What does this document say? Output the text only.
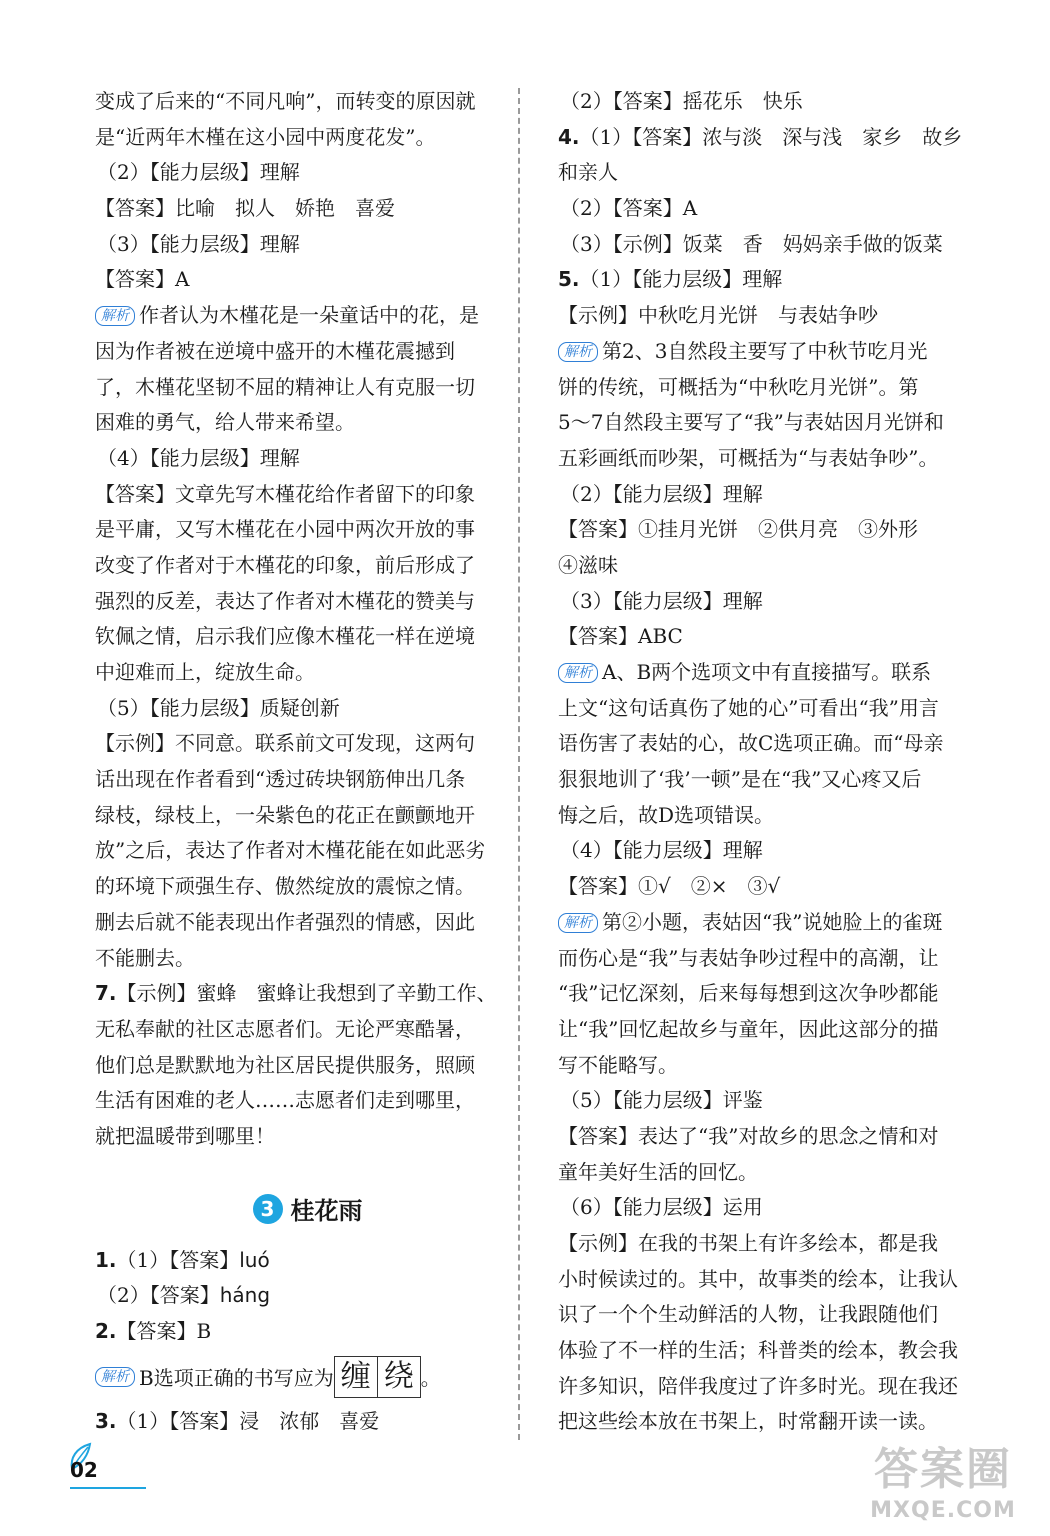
变成了后来的“不同凡响”，而转变的原因就
是“近两年木槿在这小园中两度花发”。
（2）【能力层级】理解
【答案】比喻　拟人　娇艳　喜爱
（3）【能力层级】理解
【答案】A
解析 作者认为木槿花是一朵童话中的花，是
因为作者被在逆境中盛开的木槿花震撼到
了，木槿花坚韧不屈的精神让人有克服一切
困难的勇气，给人带来希望。
（4）【能力层级】理解
【答案】文章先写木槿花给作者留下的印象
是平庸，又写木槿花在小园中两次开放的事
改变了作者对于木槿花的印象，前后形成了
强烈的反差，表达了作者对木槿花的赞美与
钦佩之情，启示我们应像木槿花一样在逆境
中迎难而上，绽放生命。
（5）【能力层级】质疑创新
【示例】不同意。联系前文可发现，这两句
话出现在作者看到“透过砖块钢筋伸出几条
绿枝，绿枝上，一朵紫色的花正在颤颤地开
放”之后，表达了作者对木槿花能在如此恶劣
的环境下顽强生存、傲然绽放的震惊之情。
删去后就不能表现出作者强烈的情感，因此
不能删去。
7.【示例】蜜蜂　蜜蜂让我想到了辛勤工作、
无私奉献的社区志愿者们。无论严寒酷暑，
他们总是默默地为社区居民提供服务，照顾
生活有困难的老人……志愿者们走到哪里，
就把温暖带到哪里！
3 桂花雨
1.（1）【答案】luó
（2）【答案】háng
2.【答案】B
解析 B选项正确的书写应为 缠 绕 。
3.（1）【答案】浸　浓郁　喜爱
（2）【答案】摇花乐　快乐
4.（1）【答案】浓与淡　深与浅　家乡　故乡
和亲人
（2）【答案】A
（3）【示例】饭菜　香　妈妈亲手做的饭菜
5.（1）【能力层级】理解
【示例】中秋吃月光饼　与表姑争吵
解析 第2、3自然段主要写了中秋节吃月光
饼的传统，可概括为“中秋吃月光饼”。第
5～7自然段主要写了“我”与表姑因月光饼和
五彩画纸而吵架，可概括为“与表姑争吵”。
（2）【能力层级】理解
【答案】①挂月光饼　②供月亮　③外形
④滋味
（3）【能力层级】理解
【答案】ABC
解析 A、B两个选项文中有直接描写。联系
上文“这句话真伤了她的心”可看出“我”用言
语伤害了表姑的心，故C选项正确。而“母亲
狠狠地训了‘我’一顿”是在“我”又心疼又后
悔之后，故D选项错误。
（4）【能力层级】理解
【答案】①√　②×　③√
解析 第②小题，表姑因“我”说她脸上的雀斑
而伤心是“我”与表姑争吵过程中的高潮，让
“我”记忆深刻，后来每每想到这次争吵都能
让“我”回忆起故乡与童年，因此这部分的描
写不能略写。
（5）【能力层级】评鉴
【答案】表达了“我”对故乡的思念之情和对
童年美好生活的回忆。
（6）【能力层级】运用
【示例】在我的书架上有许多绘本，都是我
小时候读过的。其中，故事类的绘本，让我认
识了一个个生动鲜活的人物，让我跟随他们
体验了不一样的生活；科普类的绘本，教会我
许多知识，陪伴我度过了许多时光。现在我还
把这些绘本放在书架上，时常翻开读一读。
02	答案圈
MXQE.COM
